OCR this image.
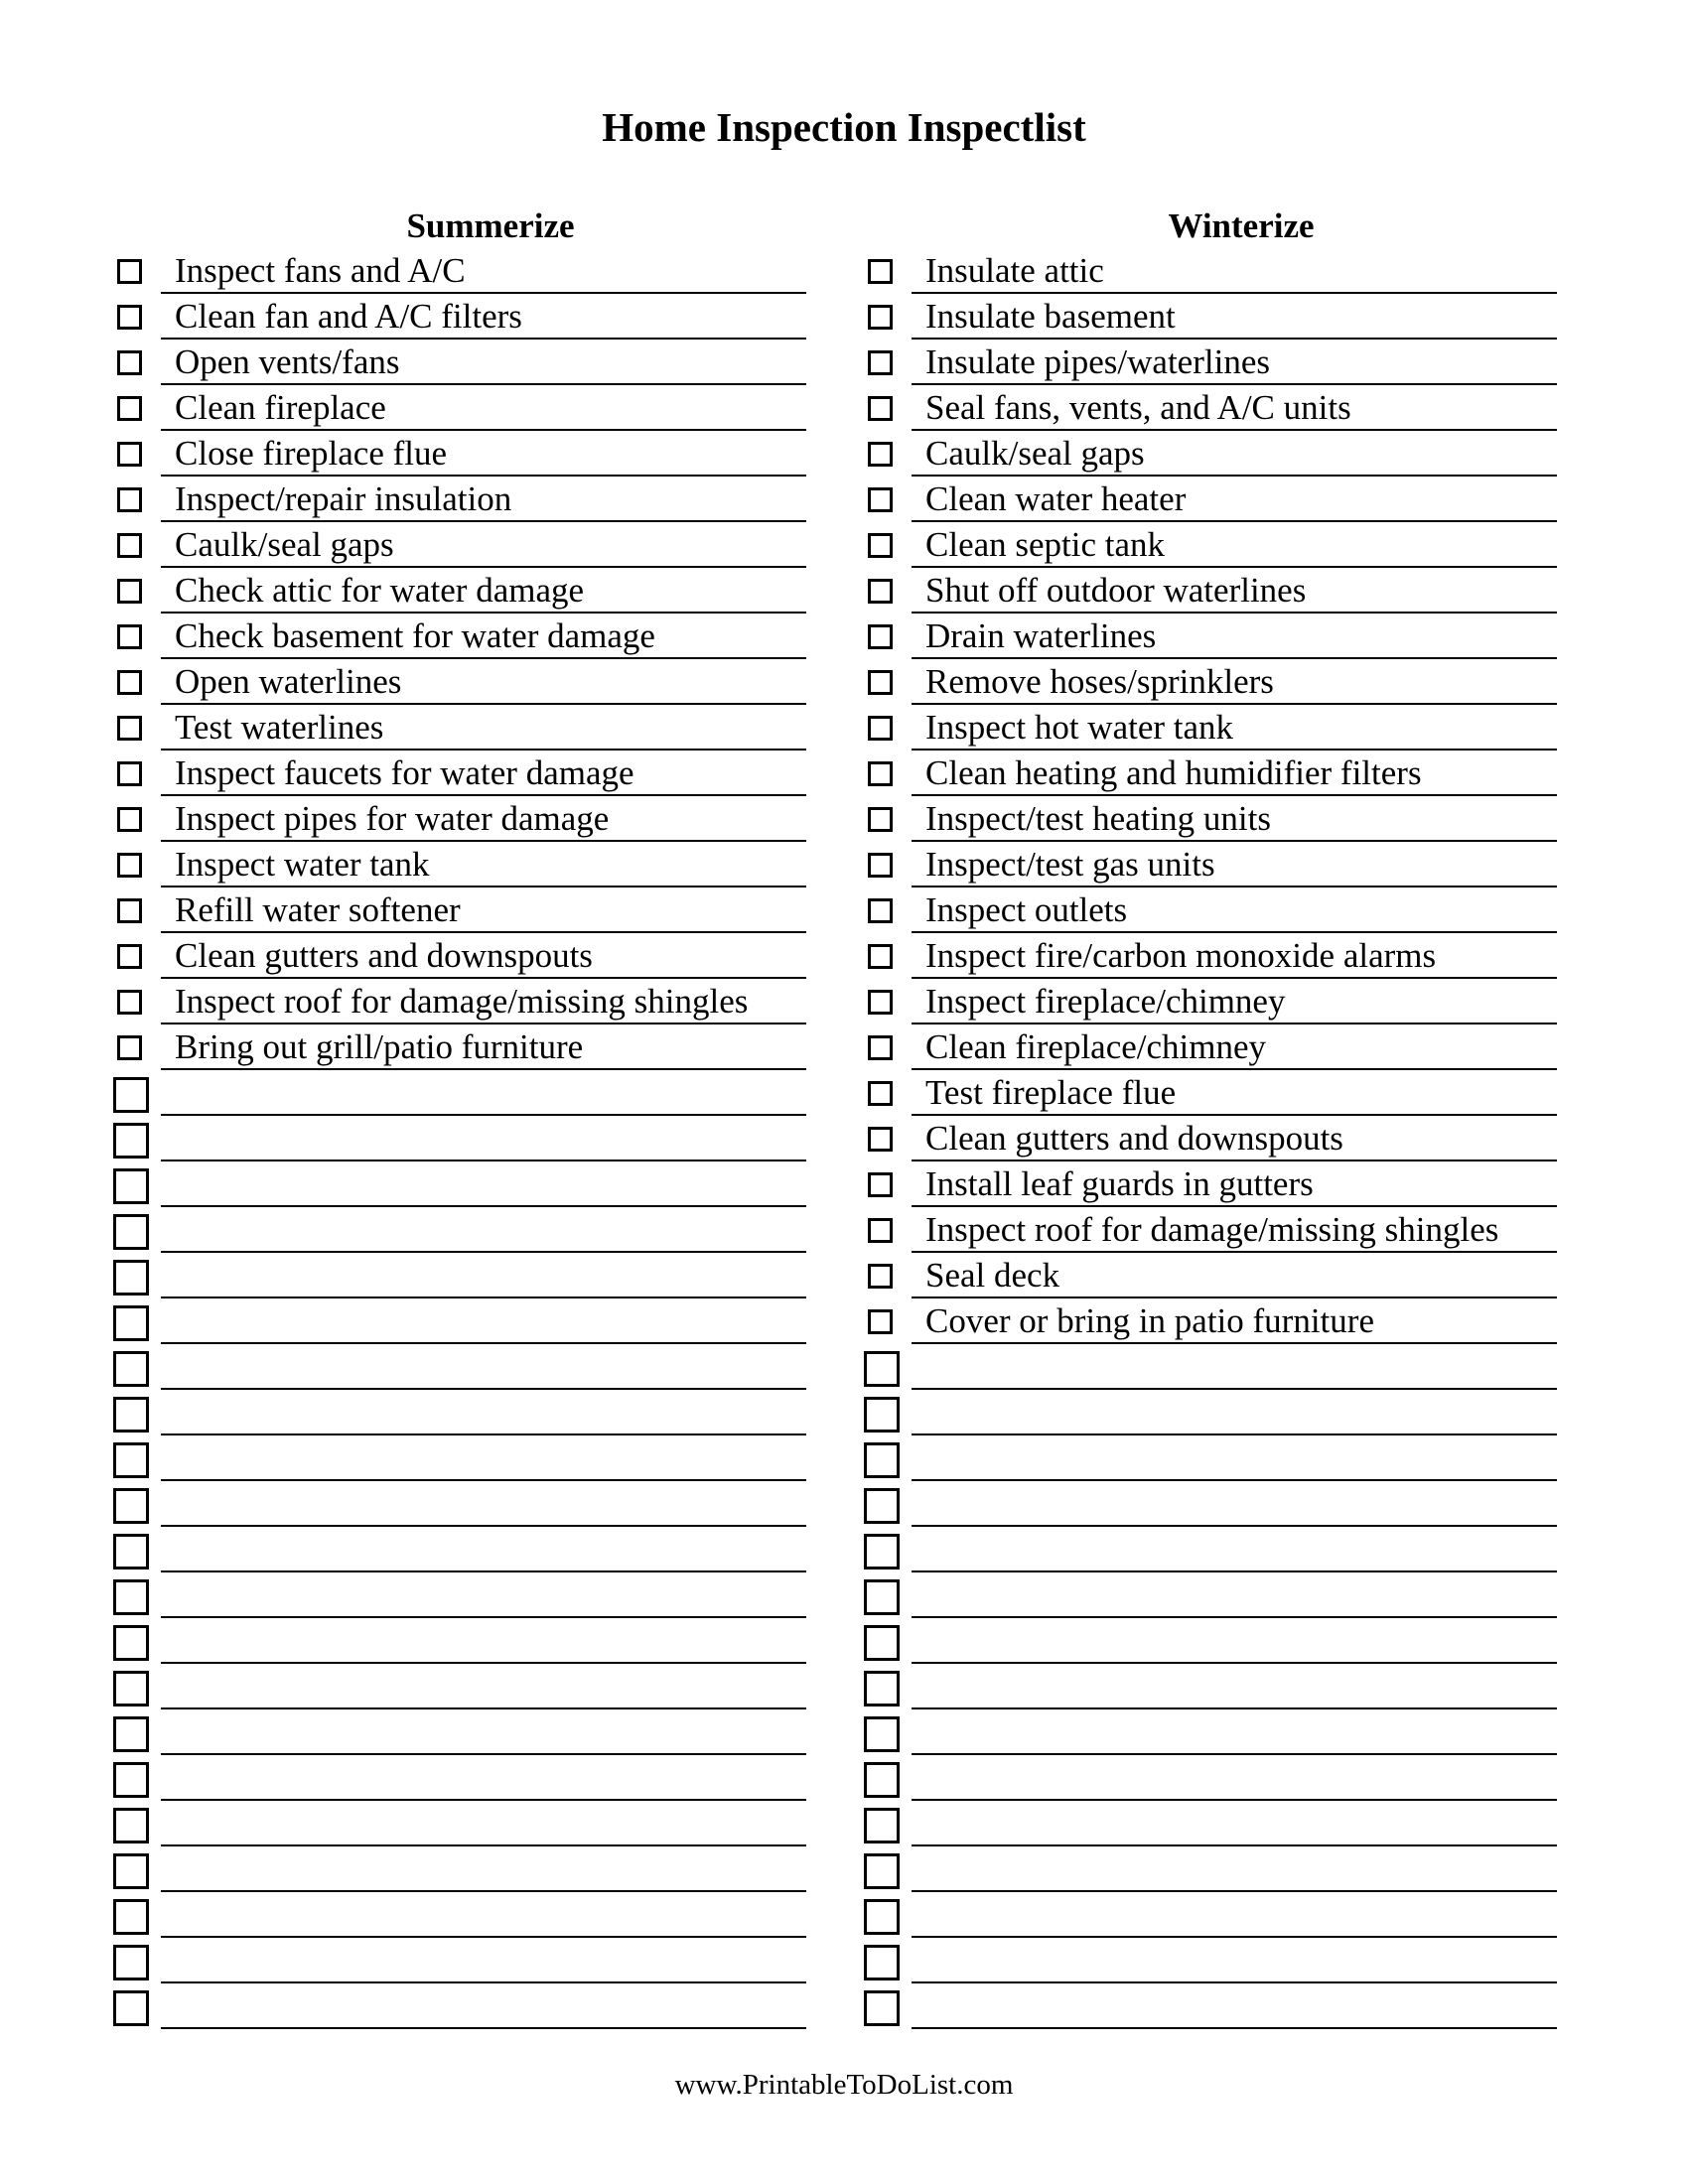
Home Inspection Inspectlist
Summerize
Inspect fans and A/C
Clean fan and A/C filters
Open vents/fans
Clean fireplace
Close fireplace flue
Inspect/repair insulation
Caulk/seal gaps
Check attic for water damage
Check basement for water damage
Open waterlines
Test waterlines
Inspect faucets for water damage
Inspect pipes for water damage
Inspect water tank
Refill water softener
Clean gutters and downspouts
Inspect roof for damage/missing shingles
Bring out grill/patio furniture
Winterize
Insulate attic
Insulate basement
Insulate pipes/waterlines
Seal fans, vents, and A/C units
Caulk/seal gaps
Clean water heater
Clean septic tank
Shut off outdoor waterlines
Drain waterlines
Remove hoses/sprinklers
Inspect hot water tank
Clean heating and humidifier filters
Inspect/test heating units
Inspect/test gas units
Inspect outlets
Inspect fire/carbon monoxide alarms
Inspect fireplace/chimney
Clean fireplace/chimney
Test fireplace flue
Clean gutters and downspouts
Install leaf guards in gutters
Inspect roof for damage/missing shingles
Seal deck
Cover or bring in patio furniture
www.PrintableToDoList.com
